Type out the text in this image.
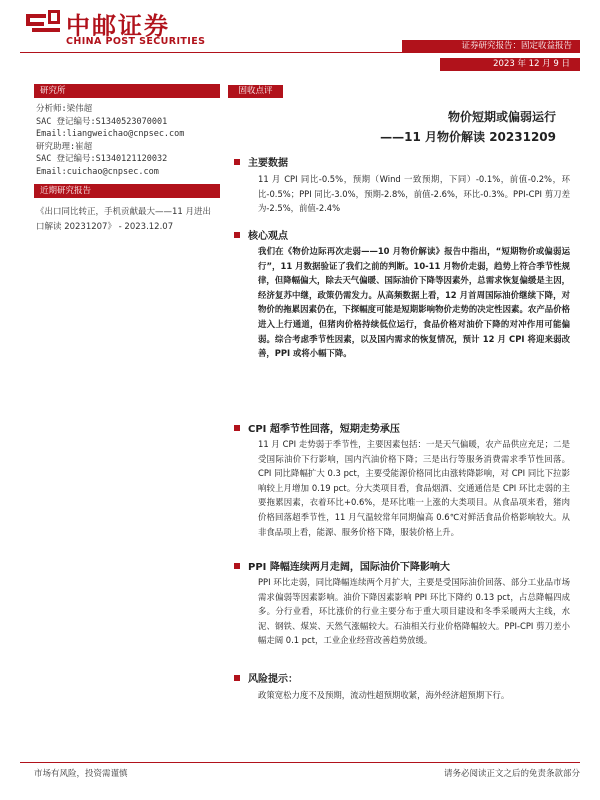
中邮证券
CHINA POST SECURITIES	证券研究报告：固定收益报告
2023 年 12 月 9 日
研究所
分析师:梁伟超
SAC 登记编号:S1340523070001
Email:liangweichao@cnpsec.com
研究助理:崔超
SAC 登记编号:S1340121120032
Email:cuichao@cnpsec.com
近期研究报告
《出口同比转正，手机贡献最大——11 月进出口解读 20231207》 - 2023.12.07
固收点评
物价短期或偏弱运行
——11 月物价解读 20231209
主要数据
11 月 CPI 同比-0.5%，预期（Wind 一致预期，下同）-0.1%，前值-0.2%，环比-0.5%；PPI 同比-3.0%，预期-2.8%，前值-2.6%，环比-0.3%。PPI-CPI 剪刀差为-2.5%，前值-2.4%
核心观点
我们在《物价边际再次走弱——10 月物价解读》报告中指出，“短期物价或偏弱运行”，11 月数据验证了我们之前的判断。10-11 月物价走弱，趋势上符合季节性规律，但降幅偏大，除去天气偏暖、国际油价下降等因素外，总需求恢复偏缓是主因，经济复苏中继，政策仍需发力。从高频数据上看，12 月首周国际油价继续下降，对物价的拖累因素仍在，下探幅度可能是短期影响物价走势的决定性因素。农产品价格进入上行通道，但猪肉价格持续低位运行，食品价格对油价下降的对冲作用可能偏弱。综合考虑季节性因素，以及国内需求的恢复情况，预计 12 月 CPI 将迎来弱改善，PPI 或将小幅下降。
CPI 超季节性回落，短期走势承压
11 月 CPI 走势弱于季节性，主要因素包括：一是天气偏暖，农产品供应充足；二是受国际油价下行影响，国内汽油价格下降；三是出行等服务消费需求季节性回落。CPI 同比降幅扩大 0.3 pct，主要受能源价格同比由涨转降影响，对 CPI 同比下拉影响较上月增加 0.19 pct。分大类项目看，食品烟酒、交通通信是 CPI 环比走弱的主要拖累因素，衣着环比+0.6%，是环比唯一上涨的大类项目。从食品项来看，猪肉价格回落超季节性，11 月气温较常年同期偏高 0.6℃对鲜活食品价格影响较大。从非食品项上看，能源、服务价格下降，服装价格上升。
PPI 降幅连续两月走阔，国际油价下降影响大
PPI 环比走弱，同比降幅连续两个月扩大，主要是受国际油价回落、部分工业品市场需求偏弱等因素影响。油价下降因素影响 PPI 环比下降约 0.13 pct，占总降幅四成多。分行业看，环比涨价的行业主要分布于重大项目建设和冬季采暖两大主线，水泥、钢铁、煤炭、天然气涨幅较大。石油相关行业价格降幅较大。PPI-CPI 剪刀差小幅走阔 0.1 pct，工业企业经营改善趋势放缓。
风险提示：
政策宽松力度不及预期，流动性超预期收紧，海外经济超预期下行。
市场有风险，投资需谨慎	请务必阅读正文之后的免责条款部分
